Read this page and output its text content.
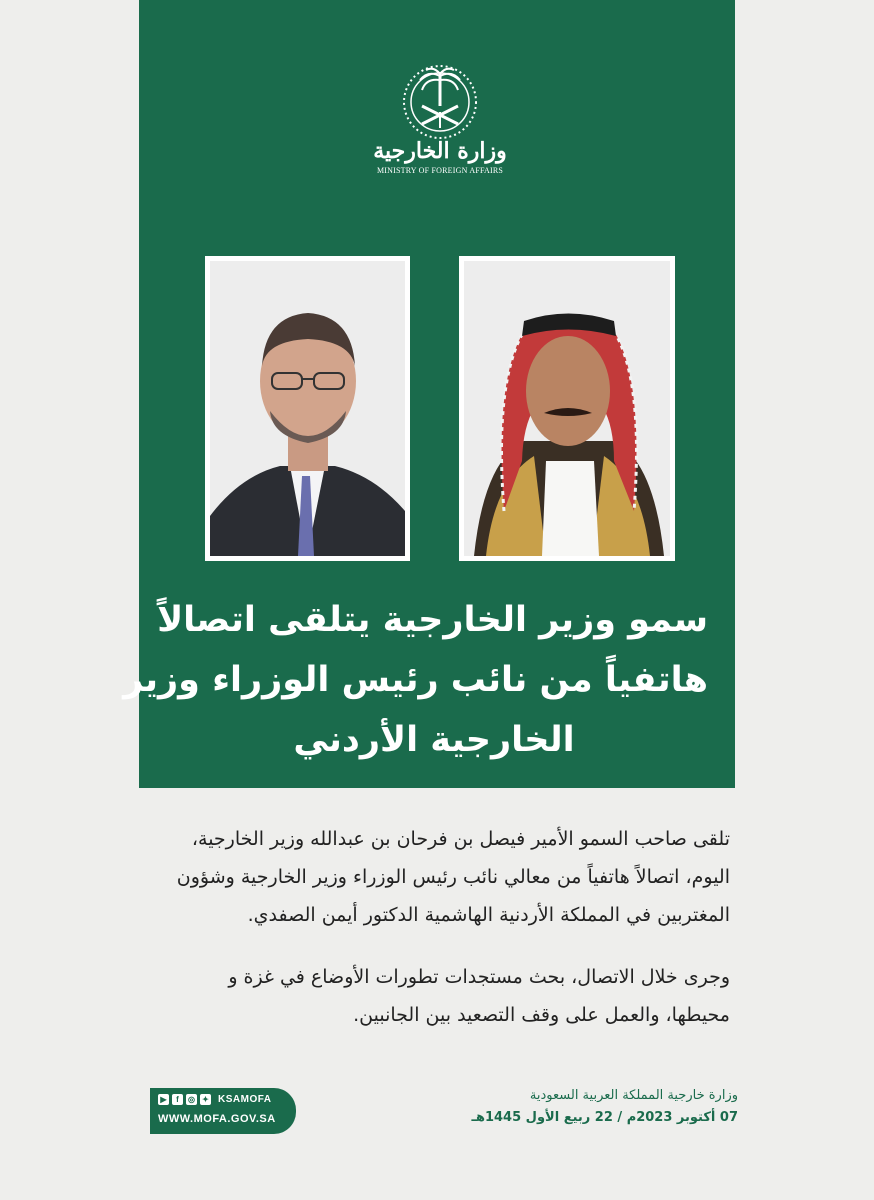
وزارة الخارجية
MINISTRY OF FOREIGN AFFAIRS
سمو وزير الخارجية يتلقى اتصالاً
هاتفياً من نائب رئيس الوزراء وزير
الخارجية الأردني
تلقى صاحب السمو الأمير فيصل بن فرحان بن عبدالله وزير الخارجية،
اليوم، اتصالاً هاتفياً من معالي نائب رئيس الوزراء وزير الخارجية وشؤون
المغتربين في المملكة الأردنية الهاشمية الدكتور أيمن الصفدي.
وجرى خلال الاتصال، بحث مستجدات تطورات الأوضاع في غزة و
محيطها، والعمل على وقف التصعيد بين الجانبين.
▶	f	◎ ✦ KSAMOFA
WWW.MOFA.GOV.SA
وزارة خارجية المملكة العربية السعودية
07 أكتوبر 2023م / 22 ربيع الأول 1445هـ
